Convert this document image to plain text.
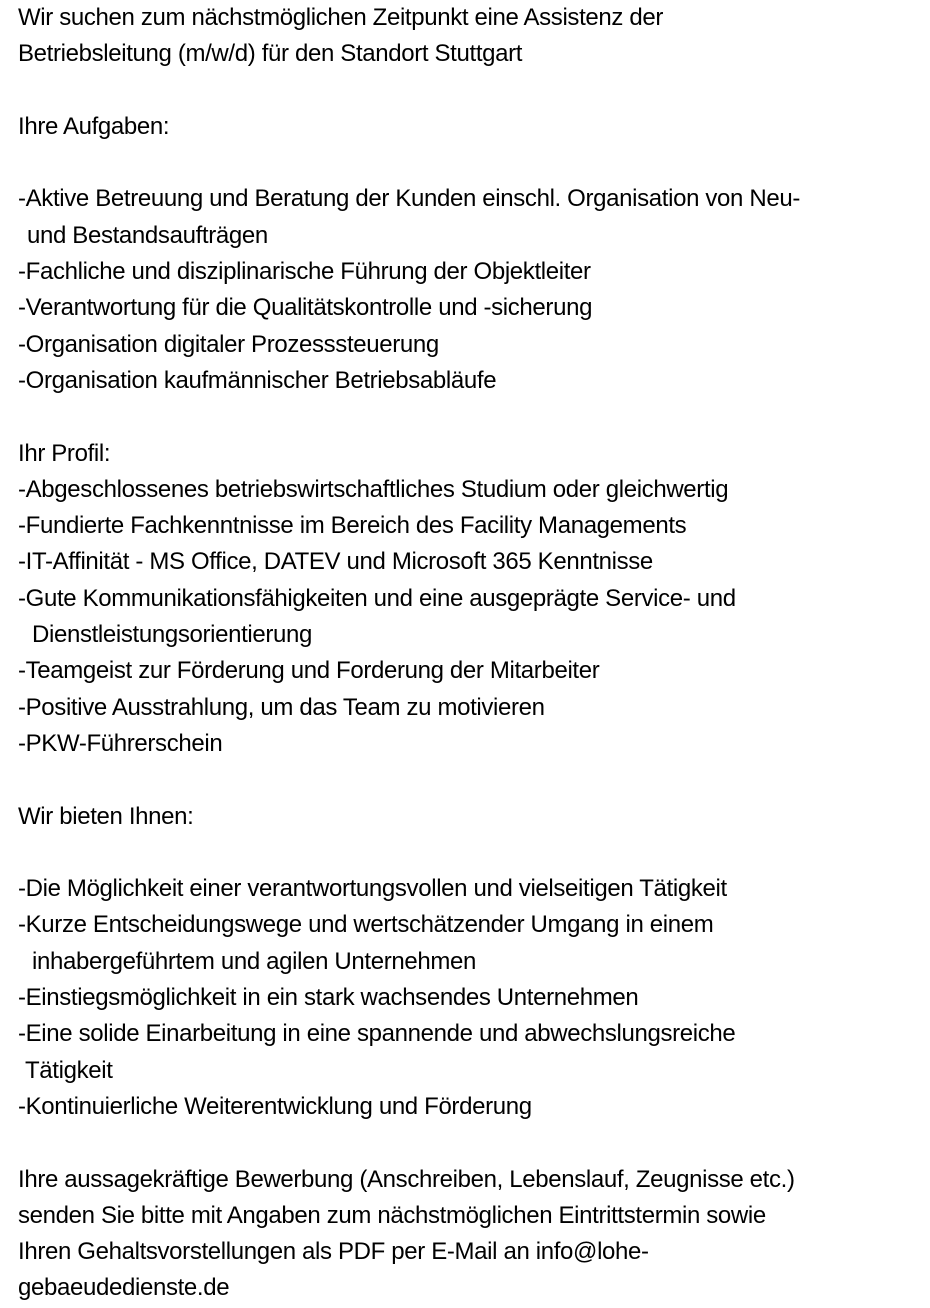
Wir suchen zum nächstmöglichen Zeitpunkt eine Assistenz der
Betriebsleitung (m/w/d) für den Standort Stuttgart
Ihre Aufgaben:
-Aktive Betreuung und Beratung der Kunden einschl. Organisation von Neu-
und Bestandsaufträgen
-Fachliche und disziplinarische Führung der Objektleiter
-Verantwortung für die Qualitätskontrolle und -sicherung
-Organisation digitaler Prozesssteuerung
-Organisation kaufmännischer Betriebsabläufe
Ihr Profil:
-Abgeschlossenes betriebswirtschaftliches Studium oder gleichwertig
-Fundierte Fachkenntnisse im Bereich des Facility Managements
-IT-Affinität - MS Office, DATEV und Microsoft 365 Kenntnisse
-Gute Kommunikationsfähigkeiten und eine ausgeprägte Service- und
Dienstleistungsorientierung
-Teamgeist zur Förderung und Forderung der Mitarbeiter
-Positive Ausstrahlung, um das Team zu motivieren
-PKW-Führerschein
Wir bieten Ihnen:
-Die Möglichkeit einer verantwortungsvollen und vielseitigen Tätigkeit
-Kurze Entscheidungswege und wertschätzender Umgang in einem
inhabergeführtem und agilen Unternehmen
-Einstiegsmöglichkeit in ein stark wachsendes Unternehmen
-Eine solide Einarbeitung in eine spannende und abwechslungsreiche
Tätigkeit
-Kontinuierliche Weiterentwicklung und Förderung
Ihre aussagekräftige Bewerbung (Anschreiben, Lebenslauf, Zeugnisse etc.)
senden Sie bitte mit Angaben zum nächstmöglichen Eintrittstermin sowie
Ihren Gehaltsvorstellungen als PDF per E-Mail an info@lohe-
gebaeudedienste.de
